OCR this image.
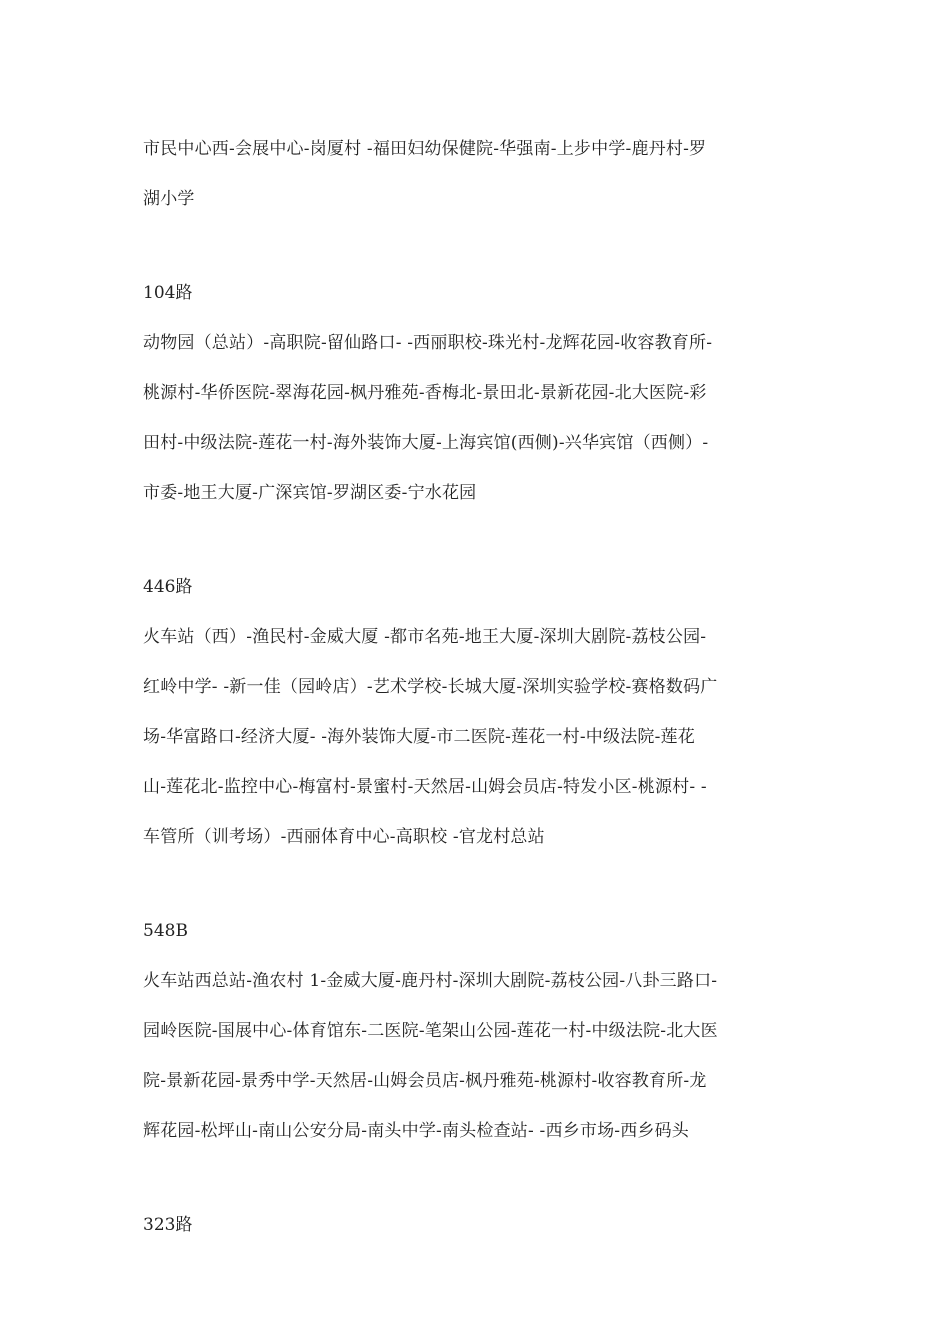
市民中心西-会展中心-岗厦村 -福田妇幼保健院-华强南-上步中学-鹿丹村-罗
湖小学
104路
动物园（总站）-高职院-留仙路口- -西丽职校-珠光村-龙辉花园-收容教育所-
桃源村-华侨医院-翠海花园-枫丹雅苑-香梅北-景田北-景新花园-北大医院-彩
田村-中级法院-莲花一村-海外装饰大厦-上海宾馆(西侧)-兴华宾馆（西侧）-
市委-地王大厦-广深宾馆-罗湖区委-宁水花园
446路
火车站（西）-渔民村-金威大厦 -都市名苑-地王大厦-深圳大剧院-荔枝公园-
红岭中学- -新一佳（园岭店）-艺术学校-长城大厦-深圳实验学校-赛格数码广
场-华富路口-经济大厦- -海外装饰大厦-市二医院-莲花一村-中级法院-莲花
山-莲花北-监控中心-梅富村-景蜜村-天然居-山姆会员店-特发小区-桃源村- -
车管所（训考场）-西丽体育中心-高职校 -官龙村总站
548B
火车站西总站-渔农村 1-金威大厦-鹿丹村-深圳大剧院-荔枝公园-八卦三路口-
园岭医院-国展中心-体育馆东-二医院-笔架山公园-莲花一村-中级法院-北大医
院-景新花园-景秀中学-天然居-山姆会员店-枫丹雅苑-桃源村-收容教育所-龙
辉花园-松坪山-南山公安分局-南头中学-南头检查站- -西乡市场-西乡码头
323路
